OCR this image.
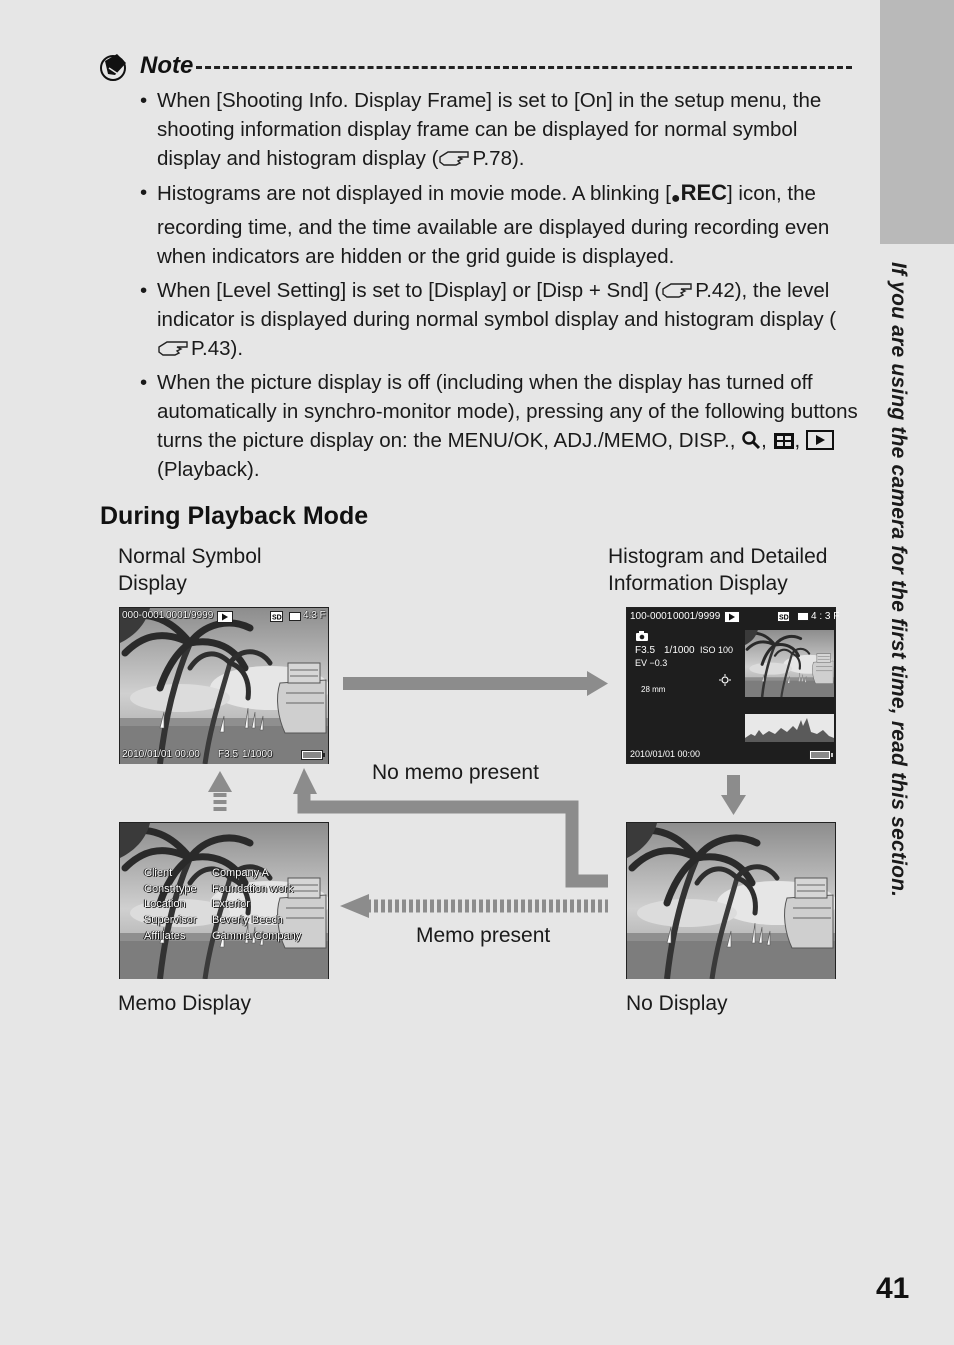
If you are using the camera for the first time, read this section.
Note
• When [Shooting Info. Display Frame] is set to [On] in the setup menu, the shooting information display frame can be displayed for normal symbol display and histogram display ( P.78).
• Histograms are not displayed in movie mode. A blinking [●REC] icon, the recording time, and the time available are displayed during recording even when indicators are hidden or the grid guide is displayed.
• When [Level Setting] is set to [Display] or [Disp + Snd] ( P.42), the level indicator is displayed during normal symbol display and histogram display (P.43).
• When the picture display is off (including when the display has turned off automatically in synchro-monitor mode), pressing any of the following buttons turns the picture display on: the MENU/OK, ADJ./MEMO, DISP., , ,  (Playback).
During Playback Mode
Normal Symbol
Display
Histogram and Detailed
Information Display
No memo present
Memo present
Memo Display	No Display
000-0001 0001/9999	SD 4:3 F
2010/01/01 00:00 F3.5 1/1000
100-0001 0001/9999	SD 4 : 3 F
F3.5 1/1000 ISO 100
EV −0.3
28 mm
2010/01/01 00:00
Client	Company A
Const.type Foundation work
Location Exterior
Supervisor Beverly Beech
Affiliates Gamma Company
41
